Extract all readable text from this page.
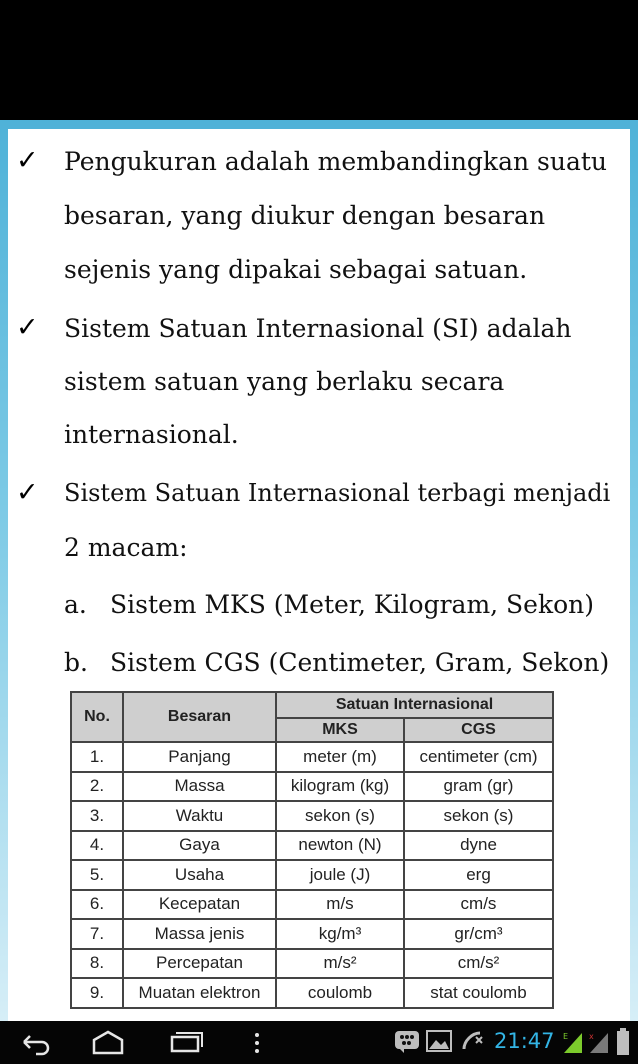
✓ Pengukuran adalah membandingkan suatu
besaran, yang diukur dengan besaran
sejenis yang dipakai sebagai satuan.
✓ Sistem Satuan Internasional (SI) adalah
sistem satuan yang berlaku secara
internasional.
✓ Sistem Satuan Internasional terbagi menjadi
2 macam:
a. Sistem MKS (Meter, Kilogram, Sekon)
b. Sistem CGS (Centimeter, Gram, Sekon)
No.	Besaran	Satuan Internasional	
		MKS	CGS
1.	Panjang	meter (m)	centimeter (cm)
2.	Massa	kilogram (kg)	gram (gr)
3.	Waktu	sekon (s)	sekon (s)
4.	Gaya	newton (N)	dyne
5.	Usaha	joule (J)	erg
6.	Kecepatan	m/s	cm/s
7.	Massa jenis	kg/m³	gr/cm³
8.	Percepatan	m/s²	cm/s²
9.	Muatan elektron	coulomb	stat coulomb
E	x
21:47
